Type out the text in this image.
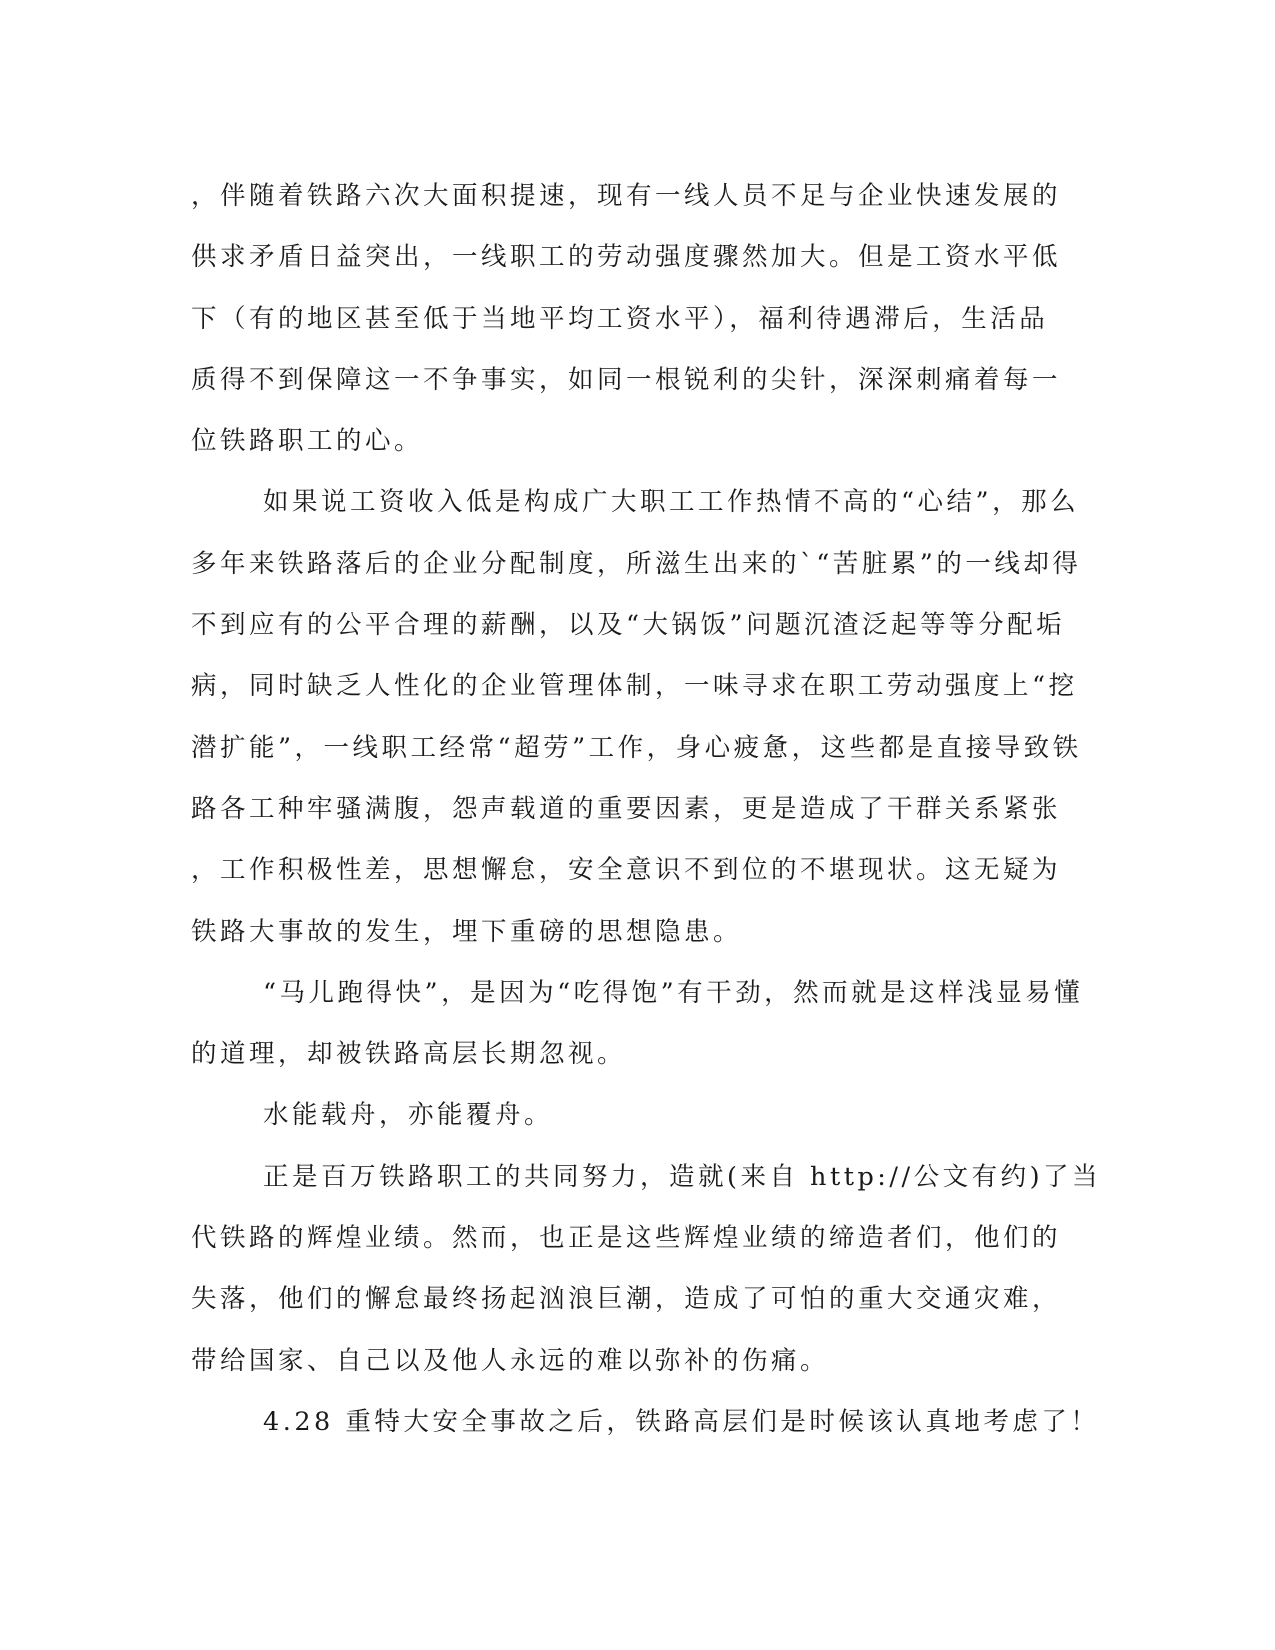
，伴随着铁路六次大面积提速，现有一线人员不足与企业快速发展的
供求矛盾日益突出，一线职工的劳动强度骤然加大。但是工资水平低
下（有的地区甚至低于当地平均工资水平），福利待遇滞后，生活品
质得不到保障这一不争事实，如同一根锐利的尖针，深深刺痛着每一
位铁路职工的心。
如果说工资收入低是构成广大职工工作热情不高的“心结”，那么
多年来铁路落后的企业分配制度，所滋生出来的`“苦脏累”的一线却得
不到应有的公平合理的薪酬，以及“大锅饭”问题沉渣泛起等等分配垢
病，同时缺乏人性化的企业管理体制，一味寻求在职工劳动强度上“挖
潜扩能”，一线职工经常“超劳”工作，身心疲惫，这些都是直接导致铁
路各工种牢骚满腹，怨声载道的重要因素，更是造成了干群关系紧张
，工作积极性差，思想懈怠，安全意识不到位的不堪现状。这无疑为
铁路大事故的发生，埋下重磅的思想隐患。
“马儿跑得快”，是因为“吃得饱”有干劲，然而就是这样浅显易懂
的道理，却被铁路高层长期忽视。
水能载舟，亦能覆舟。
正是百万铁路职工的共同努力，造就(来自 http://公文有约)了当
代铁路的辉煌业绩。然而，也正是这些辉煌业绩的缔造者们，他们的
失落，他们的懈怠最终扬起汹浪巨潮，造成了可怕的重大交通灾难，
带给国家、自己以及他人永远的难以弥补的伤痛。
4.28 重特大安全事故之后，铁路高层们是时候该认真地考虑了！
